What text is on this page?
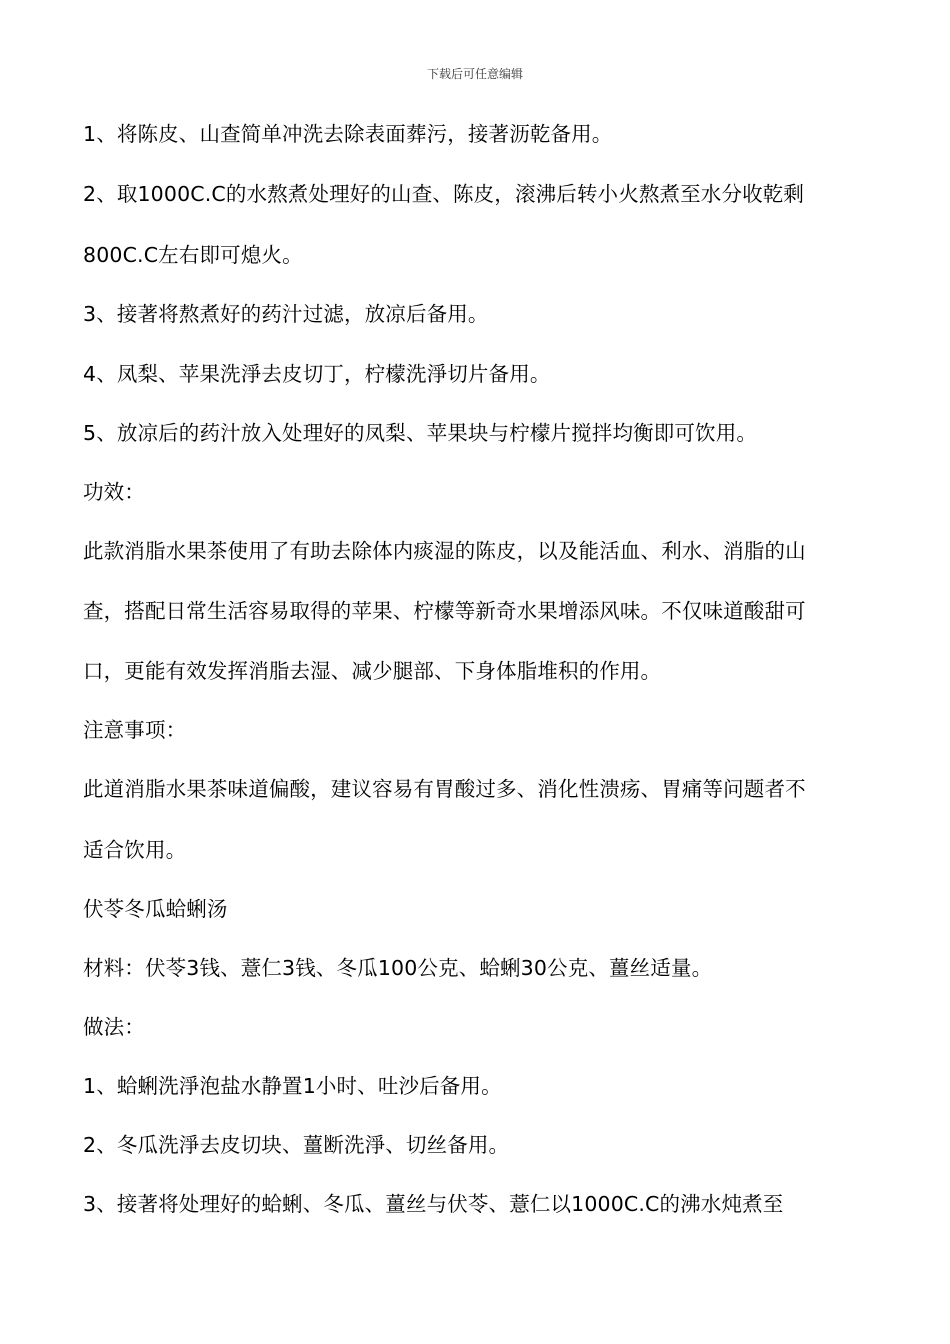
下载后可任意编辑
1、将陈皮、山查简单冲洗去除表面葬污，接著沥乾备用。
2、取1000C.C的水熬煮处理好的山查、陈皮，滚沸后转小火熬煮至水分收乾剩
800C.C左右即可熄火。
3、接著将熬煮好的药汁过滤，放凉后备用。
4、凤梨、苹果洗淨去皮切丁，柠檬洗淨切片备用。
5、放凉后的药汁放入处理好的凤梨、苹果块与柠檬片搅拌均衡即可饮用。
功效：
此款消脂水果茶使用了有助去除体内痰湿的陈皮，以及能活血、利水、消脂的山
查，搭配日常生活容易取得的苹果、柠檬等新奇水果增添风味。不仅味道酸甜可
口，更能有效发挥消脂去湿、减少腿部、下身体脂堆积的作用。
注意事项：
此道消脂水果茶味道偏酸，建议容易有胃酸过多、消化性溃疡、胃痛等问题者不
适合饮用。
伏苓冬瓜蛤蜊汤
材料：伏苓3钱、薏仁3钱、冬瓜100公克、蛤蜊30公克、薑丝适量。
做法：
1、蛤蜊洗淨泡盐水静置1小时、吐沙后备用。
2、冬瓜洗淨去皮切块、薑断洗淨、切丝备用。
3、接著将处理好的蛤蜊、冬瓜、薑丝与伏苓、薏仁以1000C.C的沸水炖煮至
